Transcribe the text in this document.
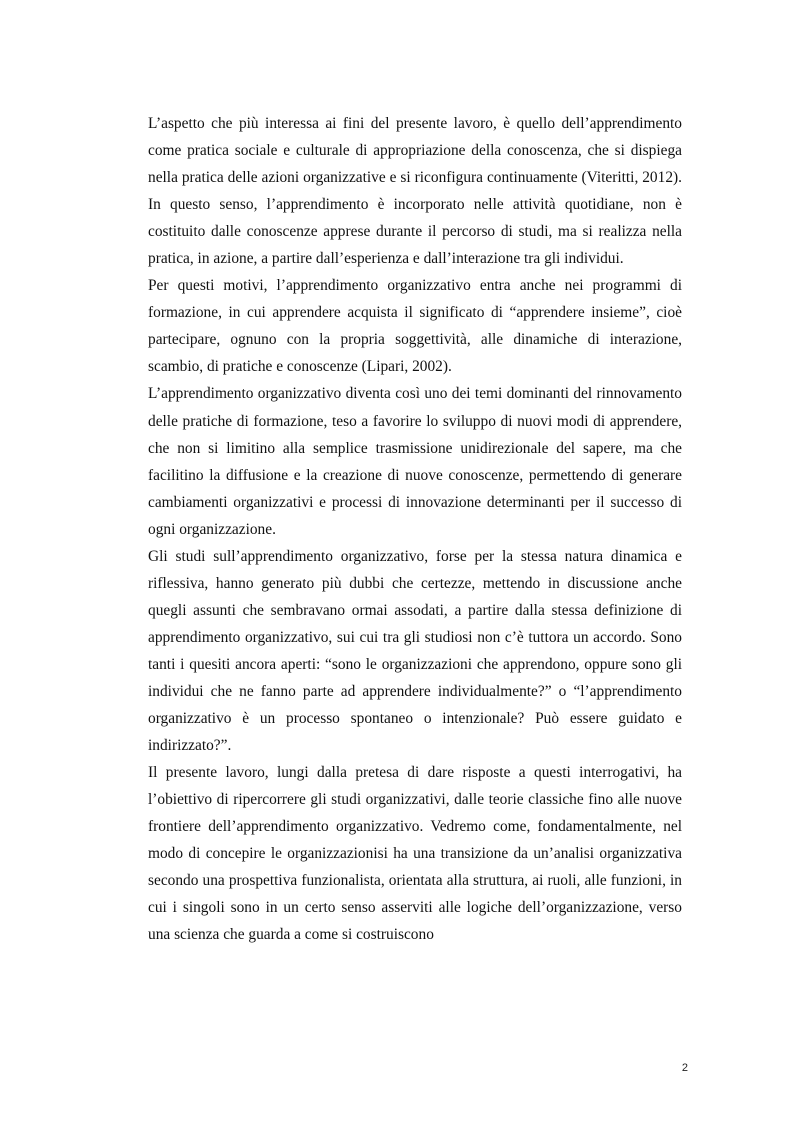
L’aspetto che più interessa ai fini del presente lavoro, è quello dell’apprendimento come pratica sociale e culturale di appropriazione della conoscenza, che si dispiega nella pratica delle azioni organizzative e si riconfigura continuamente (Viteritti, 2012). In questo senso, l’apprendimento è incorporato nelle attività quotidiane, non è costituito dalle conoscenze apprese durante il percorso di studi, ma si realizza nella pratica, in azione, a partire dall’esperienza e dall’interazione tra gli individui.

Per questi motivi, l’apprendimento organizzativo entra anche nei programmi di formazione, in cui apprendere acquista il significato di “apprendere insieme”, cioè partecipare, ognuno con la propria soggettività, alle dinamiche di interazione, scambio, di pratiche e conoscenze (Lipari, 2002).

L’apprendimento organizzativo diventa così uno dei temi dominanti del rinnovamento delle pratiche di formazione, teso a favorire lo sviluppo di nuovi modi di apprendere, che non si limitino alla semplice trasmissione unidirezionale del sapere, ma che facilitino la diffusione e la creazione di nuove conoscenze, permettendo di generare cambiamenti organizzativi e processi di innovazione determinanti per il successo di ogni organizzazione.

Gli studi sull’apprendimento organizzativo, forse per la stessa natura dinamica e riflessiva, hanno generato più dubbi che certezze, mettendo in discussione anche quegli assunti che sembravano ormai assodati, a partire dalla stessa definizione di apprendimento organizzativo, sui cui tra gli studiosi non c’è tuttora un accordo. Sono tanti i quesiti ancora aperti: “sono le organizzazioni che apprendono, oppure sono gli individui che ne fanno parte ad apprendere individualmente?” o “l’apprendimento organizzativo è un processo spontaneo o intenzionale? Può essere guidato e indirizzato?”.

Il presente lavoro, lungi dalla pretesa di dare risposte a questi interrogativi, ha l’obiettivo di ripercorrere gli studi organizzativi, dalle teorie classiche fino alle nuove frontiere dell’apprendimento organizzativo. Vedremo come, fondamentalmente, nel modo di concepire le organizzazionisi ha una transizione da un’analisi organizzativa secondo una prospettiva funzionalista, orientata alla struttura, ai ruoli, alle funzioni, in cui i singoli sono in un certo senso asserviti alle logiche dell’organizzazione, verso una scienza che guarda a come si costruiscono

2
